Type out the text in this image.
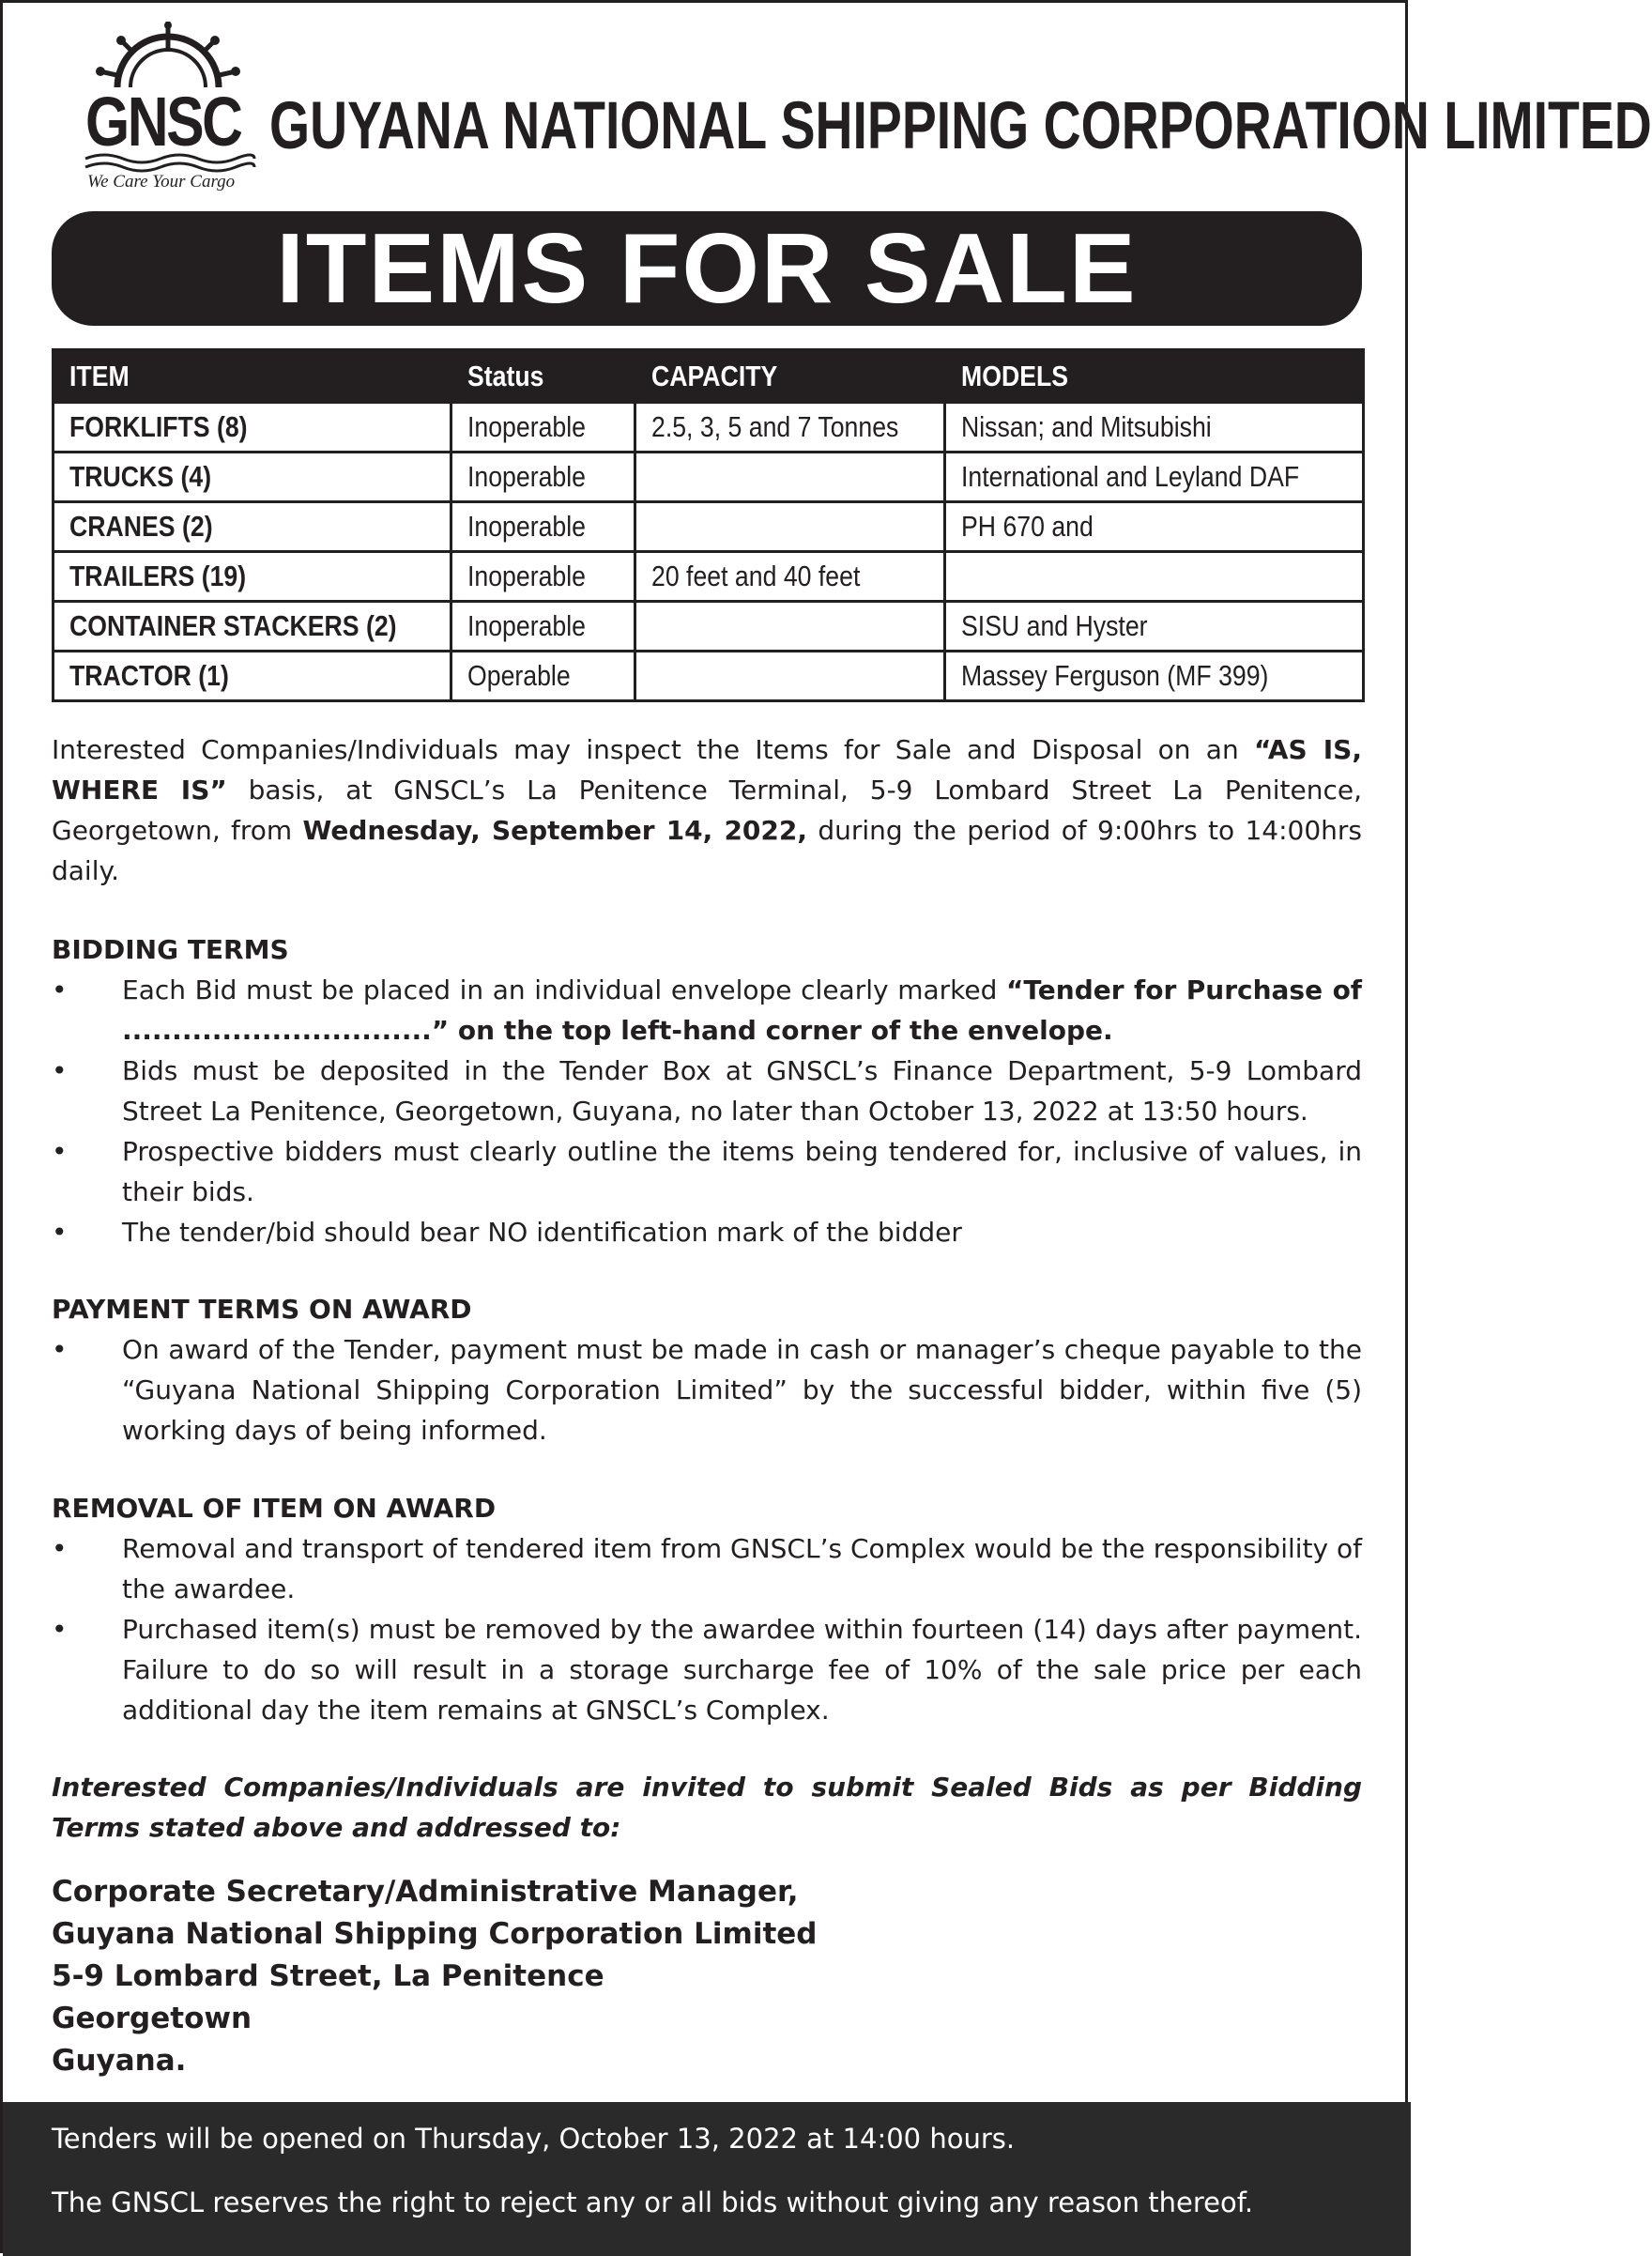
GNSC
We Care Your Cargo
GUYANA NATIONAL SHIPPING CORPORATION LIMITED
ITEMS FOR SALE
ITEM	Status	CAPACITY	MODELS
FORKLIFTS (8)	Inoperable	2.5, 3, 5 and 7 Tonnes	Nissan; and Mitsubishi
TRUCKS (4)	Inoperable		International and Leyland DAF
CRANES (2)	Inoperable		PH 670 and
TRAILERS (19)	Inoperable	20 feet and 40 feet	
CONTAINER STACKERS (2)	Inoperable		SISU and Hyster
TRACTOR (1)	Operable		Massey Ferguson (MF 399)

Interested Companies/Individuals may inspect the Items for Sale and Disposal on an “AS IS, WHERE IS” basis, at GNSCL’s La Penitence Terminal, 5-9 Lombard Street La Penitence, Georgetown, from Wednesday, September 14, 2022, during the period of 9:00hrs to 14:00hrs daily.

BIDDING TERMS
• Each Bid must be placed in an individual envelope clearly marked “Tender for Purchase of ...............................” on the top left-hand corner of the envelope.
• Bids must be deposited in the Tender Box at GNSCL’s Finance Department, 5-9 Lombard Street La Penitence, Georgetown, Guyana, no later than October 13, 2022 at 13:50 hours.
• Prospective bidders must clearly outline the items being tendered for, inclusive of values, in their bids.
• The tender/bid should bear NO identification mark of the bidder
PAYMENT TERMS ON AWARD
• On award of the Tender, payment must be made in cash or manager’s cheque payable to the “Guyana National Shipping Corporation Limited” by the successful bidder, within five (5) working days of being informed.
REMOVAL OF ITEM ON AWARD
• Removal and transport of tendered item from GNSCL’s Complex would be the responsibility of the awardee.
• Purchased item(s) must be removed by the awardee within fourteen (14) days after payment. Failure to do so will result in a storage surcharge fee of 10% of the sale price per each additional day the item remains at GNSCL’s Complex.

Interested Companies/Individuals are invited to submit Sealed Bids as per Bidding Terms stated above and addressed to:

Corporate Secretary/Administrative Manager,
Guyana National Shipping Corporation Limited
5-9 Lombard Street, La Penitence
Georgetown
Guyana.
Tenders will be opened on Thursday, October 13, 2022 at 14:00 hours.
The GNSCL reserves the right to reject any or all bids without giving any reason thereof.
